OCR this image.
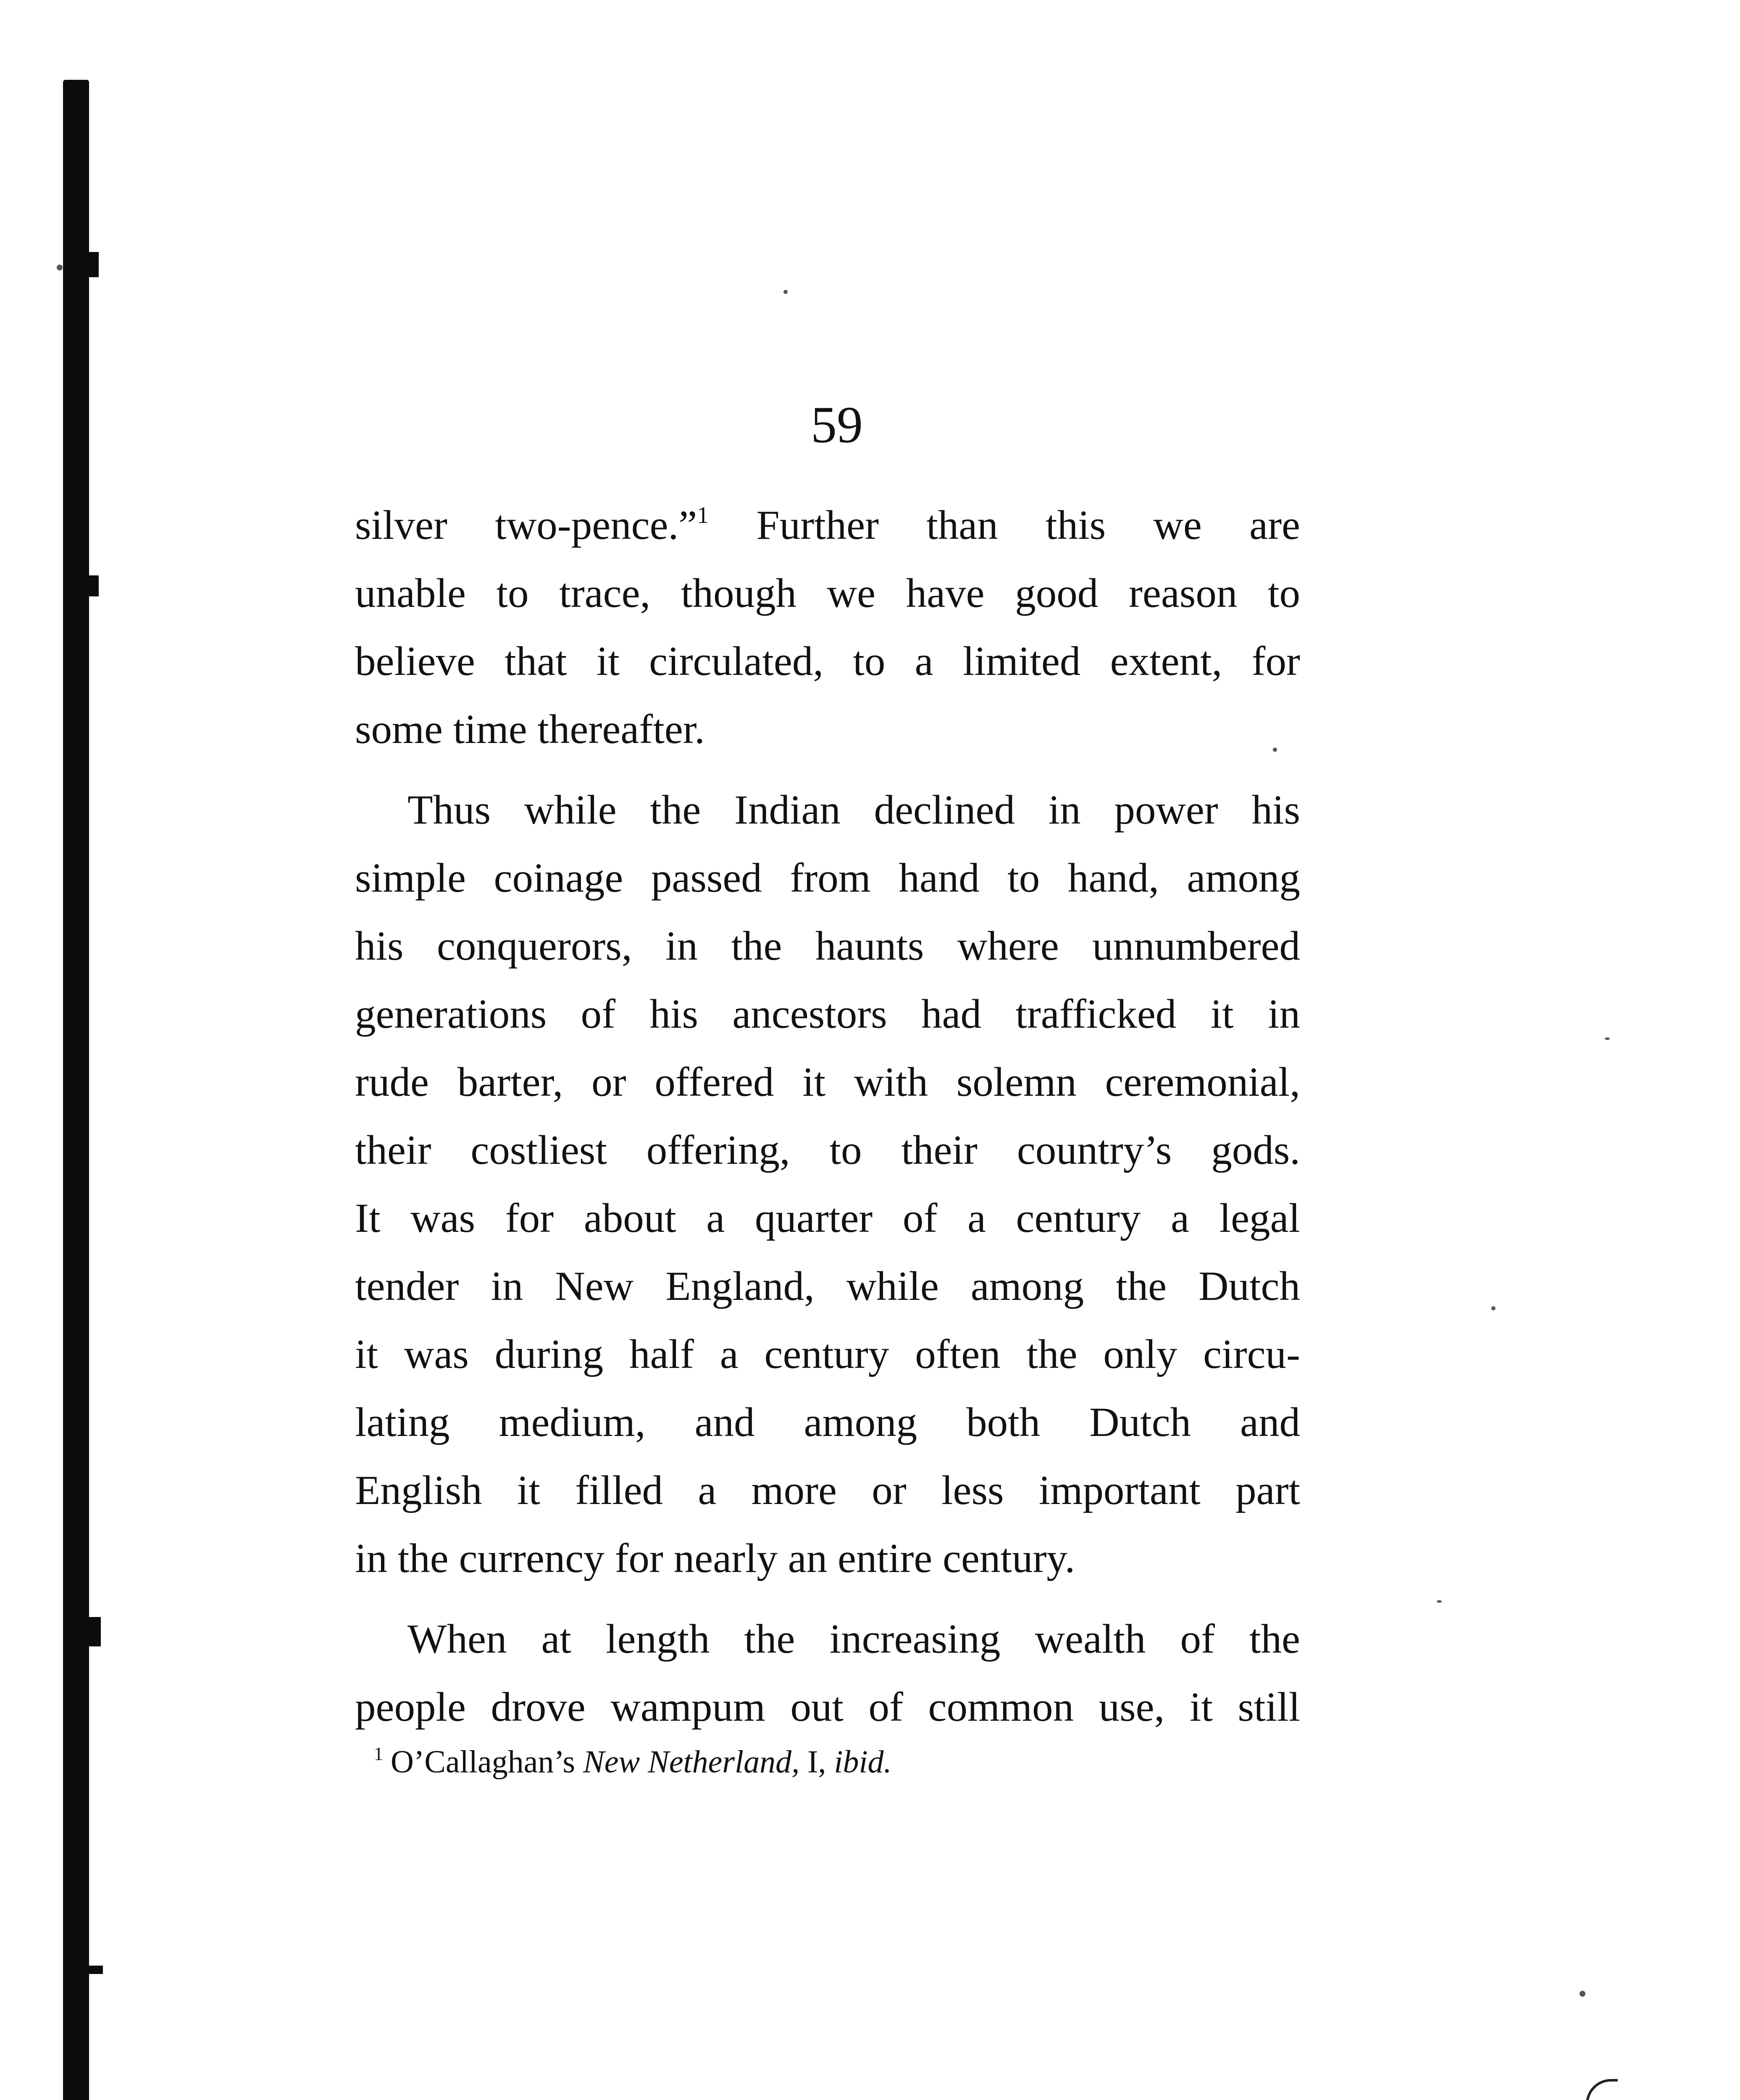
59
silver two-pence.”$^1$ Further than this we are
unable to trace, though we have good reason to
believe that it circulated, to a limited extent, for
some time thereafter.
Thus while the Indian declined in power his
simple coinage passed from hand to hand, among
his conquerors, in the haunts where unnumbered
generations of his ancestors had trafficked it in
rude barter, or offered it with solemn ceremonial,
their costliest offering, to their country’s gods.
It was for about a quarter of a century a legal
tender in New England, while among the Dutch
it was during half a century often the only circu-
lating medium, and among both Dutch and
English it filled a more or less important part
in the currency for nearly an entire century.
When at length the increasing wealth of the
people drove wampum out of common use, it still
$^1$ O’Callaghan’s New Netherland, I, ibid.
